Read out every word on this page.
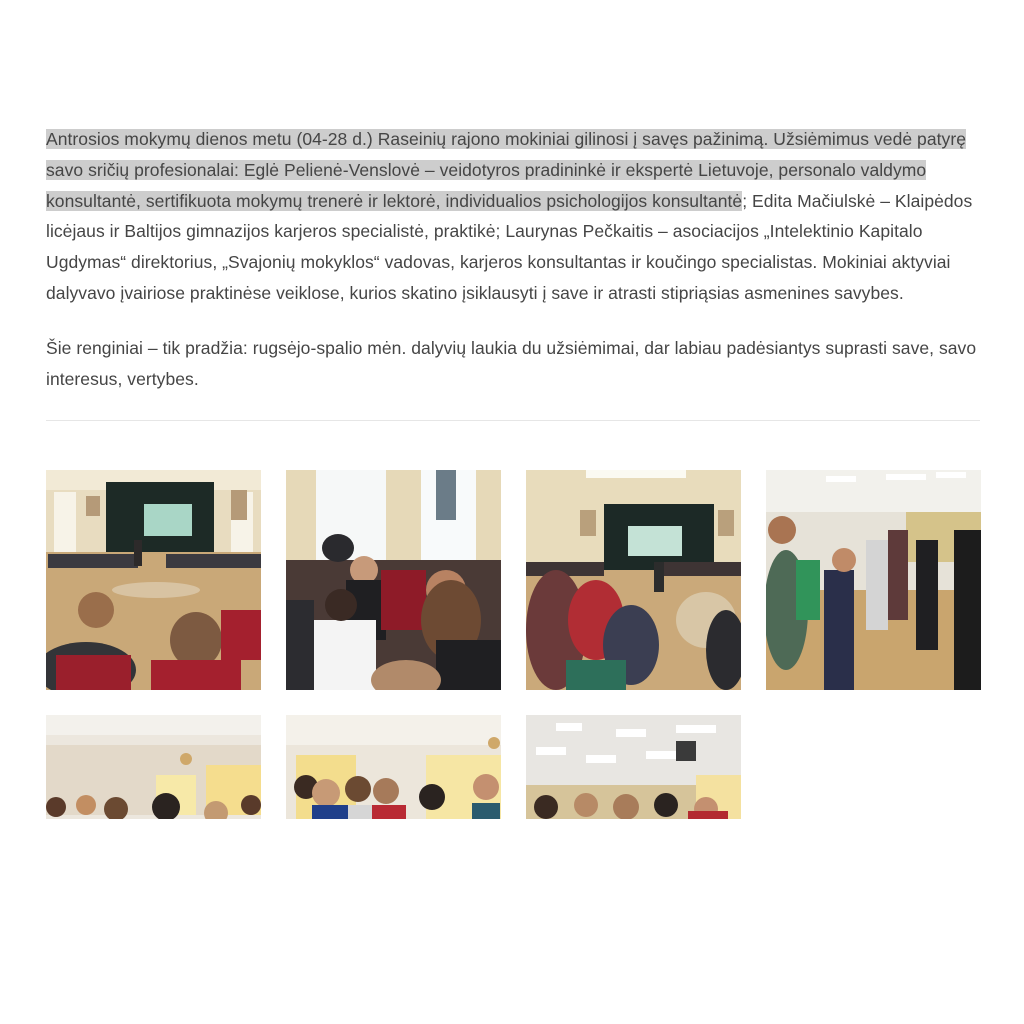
Antrosios mokymų dienos metu (04-28 d.) Raseinių rajono mokiniai gilinosi į savęs pažinimą. Užsiėmimus vedė patyrę savo sričių profesionalai: Eglė Pelienė-Venslovė – veidotyros pradininkė ir ekspertė Lietuvoje, personalo valdymo konsultantė, sertifikuota mokymų trenerė ir lektorė, individualios psichologijos konsultantė; Edita Mačiulskė – Klaipėdos licėjaus ir Baltijos gimnazijos karjeros specialistė, praktikė; Laurynas Pečkaitis – asociacijos „Intelektinio Kapitalo Ugdymas“ direktorius, „Svajonių mokyklos“ vadovas, karjeros konsultantas ir koučingo specialistas. Mokiniai aktyviai dalyvavo įvairiose praktinėse veiklose, kurios skatino įsiklausyti į save ir atrasti stipriąsias asmenines savybes.

Šie renginiai – tik pradžia: rugsėjo-spalio mėn. dalyvių laukia du užsiėmimai, dar labiau padėsiantys suprasti save, savo interesus, vertybes.
